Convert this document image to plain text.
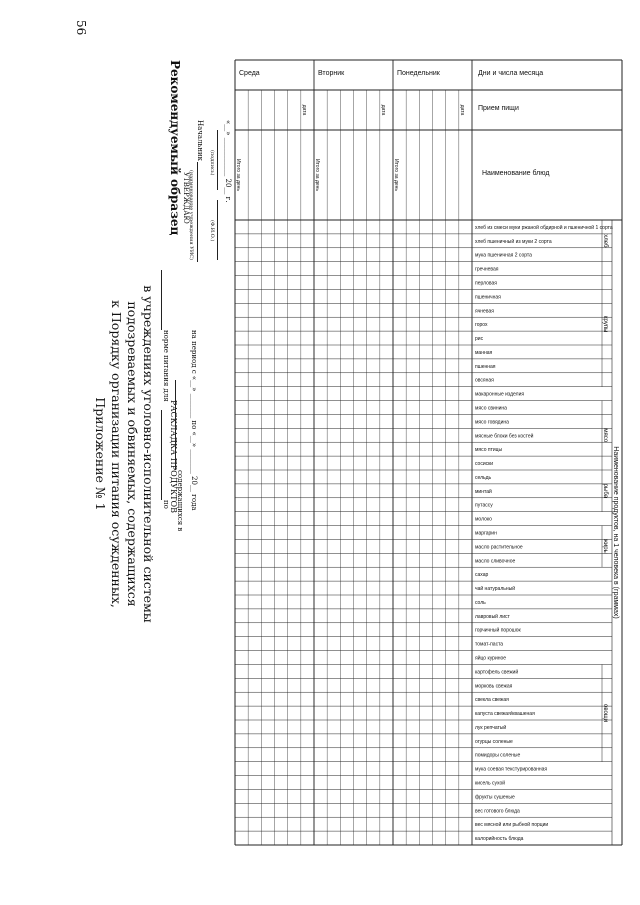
56
Приложение № 1 к Порядку организации питания осужденных, подозреваемых и обвиняемых, содержащихся в учреждениях уголовно-исполнительной системы
Рекомендуемый образец УТВЕРЖДАЮ
Начальник
(наименование учреждения УИС)
(подпись)
(Ф.И.О.)
«__» ___________ 20__ г.
РАСКЛАДКА ПРОДУКТОВ
по
норме питания для
содержащихся в на период с «__» _______ по «__» _______ 20__ года
Дни и числа месяца
Прием пищи
Наименование блюд
Наименование продуктов, на 1 человека в (граммах)
хлеб
крупы
мясо
рыба
жиры
овощи
хлеб из смеси муки ржаной обдирной и пшеничной 1 сорта
хлеб пшеничный из муки 2 сорта
мука пшеничная 2 сорта
гречневая
перловая
пшеничная
ячневая
горох
рис
манная
пшенная
овсяная
макаронные изделия
мясо свинина
мясо говядина
мясные блоки без костей
мясо птицы
сосиски
сельдь
минтай
путассу
молоко
маргарин
масло растительное
масло сливочное
сахар
чай натуральный
соль
лавровый лист
горчичный порошок
томат-паста
яйцо куриное
картофель свежий
морковь свежая
свекла свежая
капуста свежая/квашеная
лук репчатый
огурцы соленые
помидоры соленые
мука соевая текстурированная
кисель сухой
фрукты сушеные
вес готового блюда
вес мясной или рыбной порции
калорийность блюда
Понедельник
дата
Итого за день
Вторник
дата
Итого за день
Среда
дата
Итого за день
